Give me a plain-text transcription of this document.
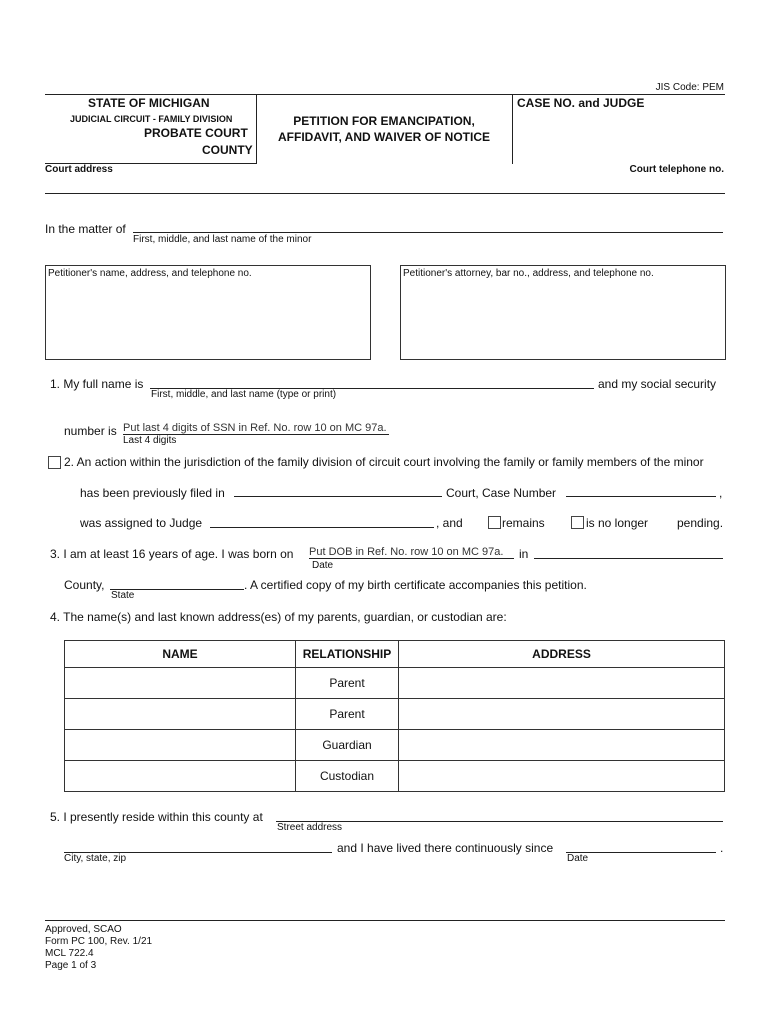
JIS Code: PEM
STATE OF MICHIGAN
JUDICIAL CIRCUIT - FAMILY DIVISION
PROBATE COURT
COUNTY
PETITION FOR EMANCIPATION,
AFFIDAVIT, AND WAIVER OF NOTICE
CASE NO. and JUDGE
Court address	Court telephone no.
In the matter of
First, middle, and last name of the minor
Petitioner's name, address, and telephone no.	Petitioner's attorney, bar no., address, and telephone no.
1. My full name is
First, middle, and last name (type or print)
and my social security
number is Put last 4 digits of SSN in Ref. No. row 10 on MC 97a.
Last 4 digits
2. An action within the jurisdiction of the family division of circuit court involving the family or family members of the minor
has been previously filed in	Court, Case Number	,
was assigned to Judge	, and	remains	is no longer pending.
3. I am at least 16 years of age. I was born on Put DOB in Ref. No. row 10 on MC 97a.
Date
in
County,
State
. A certified copy of my birth certificate accompanies this petition.
4. The name(s) and last known address(es) of my parents, guardian, or custodian are:
NAME	RELATIONSHIP	ADDRESS
	Parent	
	Parent	
	Guardian	
	Custodian	
5. I presently reside within this county at
Street address
City, state, zip
and I have lived there continuously since
Date
.
Approved, SCAO
Form PC 100, Rev. 1/21
MCL 722.4
Page 1 of 3
